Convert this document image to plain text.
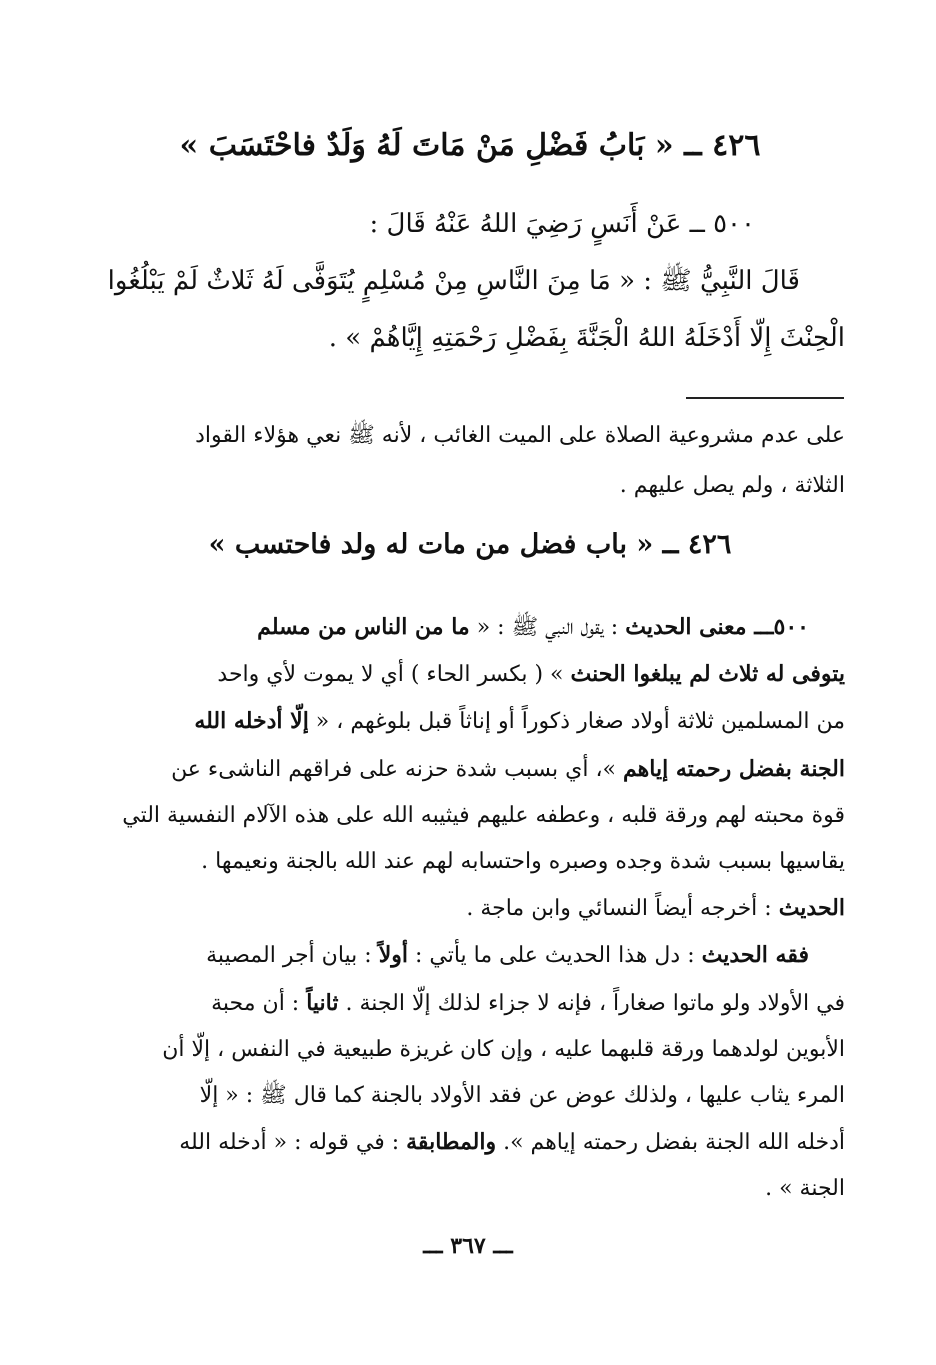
٤٢٦ ــ « بَابُ فَضْلِ مَنْ مَاتَ لَهُ وَلَدٌ فاحْتَسَبَ »
٥٠٠ ــ عَنْ أَنَسٍ رَضِيَ اللهُ عَنْهُ قَالَ :
قَالَ النَّبِيُّ ﷺ : « مَا مِنَ النَّاسِ مِنْ مُسْلِمٍ يُتَوَفَّى لَهُ ثَلاثٌ لَمْ يَبْلُغُوا
الْحِنْثَ إِلّا أَدْخَلَهُ اللهُ الْجَنَّةَ بِفَضْلِ رَحْمَتِهِ إِيَّاهُمْ » .
على عدم مشروعية الصلاة على الميت الغائب ، لأنه ﷺ نعي هؤلاء القواد
الثلاثة ، ولم يصل عليهم .
٤٢٦ ــ « باب فضل من مات له ولد فاحتسب »
٥٠٠ـــ معنى الحديث : يقول النبي ﷺ : « ما من الناس من مسلم
يتوفى له ثلاث لم يبلغوا الحنث » ( بكسر الحاء ) أي لا يموت لأي واحد
من المسلمين ثلاثة أولاد صغار ذكوراً أو إناثاً قبل بلوغهم ، « إلّا أدخله الله
الجنة بفضل رحمته إياهم »، أي بسبب شدة حزنه على فراقهم الناشىء عن
قوة محبته لهم ورقة قلبه ، وعطفه عليهم فيثيبه الله على هذه الآلام النفسية التي
يقاسيها بسبب شدة وجده وصبره واحتسابه لهم عند الله بالجنة ونعيمها .
الحديث : أخرجه أيضاً النسائي وابن ماجة .
فقه الحديث : دل هذا الحديث على ما يأتي : أولاً : بيان أجر المصيبة
في الأولاد ولو ماتوا صغاراً ، فإنه لا جزاء لذلك إلّا الجنة . ثانياً : أن محبة
الأبوين لولدهما ورقة قلبهما عليه ، وإن كان غريزة طبيعية في النفس ، إلّا أن
المرء يثاب عليها ، ولذلك عوض عن فقد الأولاد بالجنة كما قال ﷺ : « إلّا
أدخله الله الجنة بفضل رحمته إياهم ». والمطابقة : في قوله : « أدخله الله
الجنة » .
ـــ ٣٦٧ ـــ
